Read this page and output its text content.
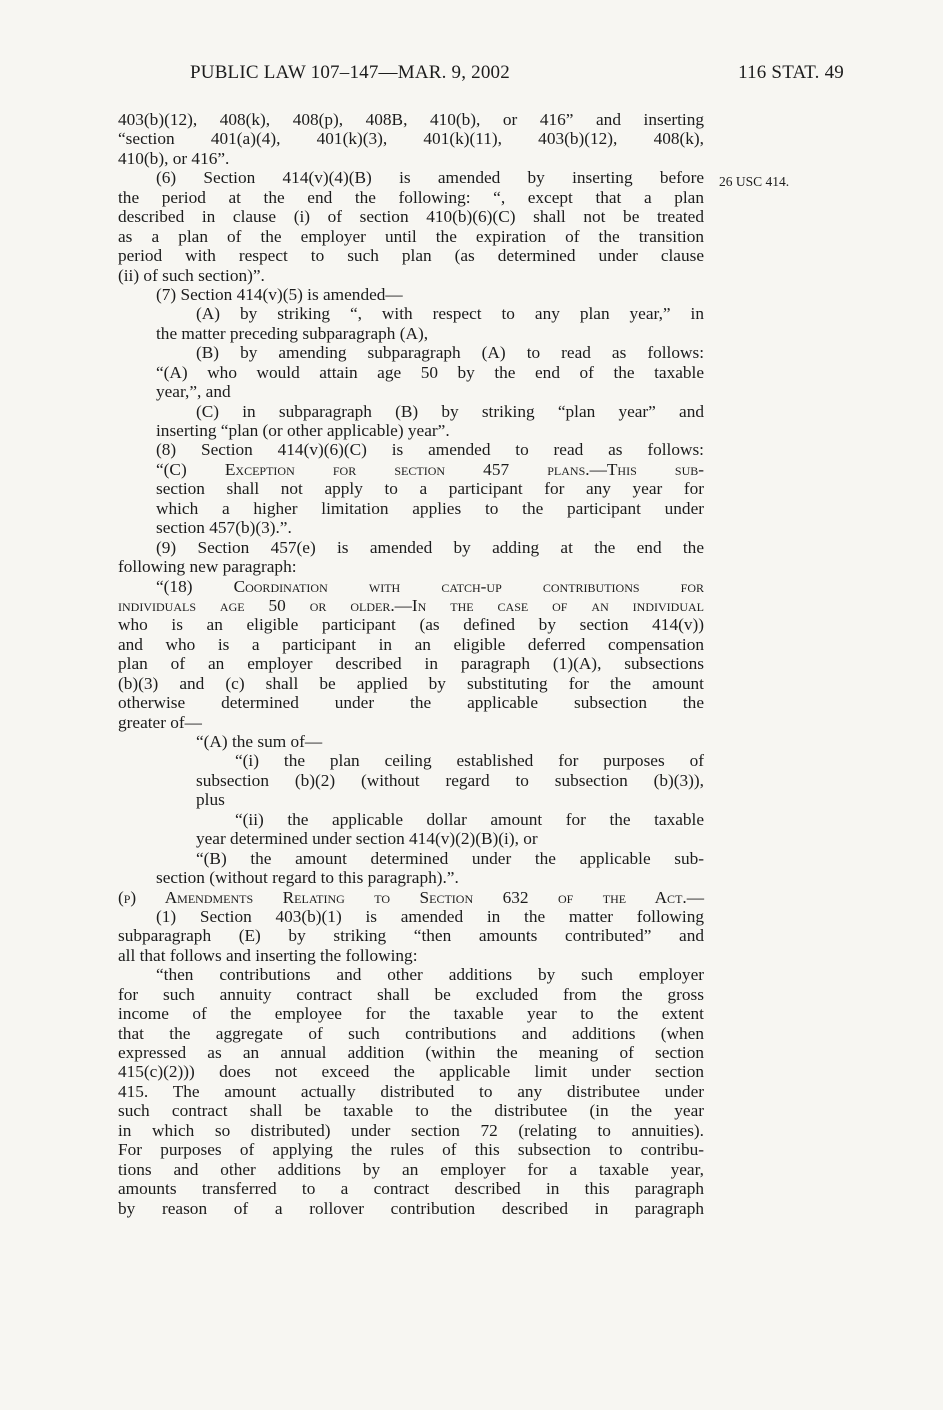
PUBLIC LAW 107–147—MAR. 9, 2002	116 STAT. 49
26 USC 414.
403(b)(12), 408(k), 408(p), 408B, 410(b), or 416” and inserting
“section 401(a)(4), 401(k)(3), 401(k)(11), 403(b)(12), 408(k),
410(b), or 416”.
(6) Section 414(v)(4)(B) is amended by inserting before
the period at the end the following: “, except that a plan
described in clause (i) of section 410(b)(6)(C) shall not be treated
as a plan of the employer until the expiration of the transition
period with respect to such plan (as determined under clause
(ii) of such section)”.
(7) Section 414(v)(5) is amended—
(A) by striking “, with respect to any plan year,” in
the matter preceding subparagraph (A),
(B) by amending subparagraph (A) to read as follows:
“(A) who would attain age 50 by the end of the taxable
year,”, and
(C) in subparagraph (B) by striking “plan year” and
inserting “plan (or other applicable) year”.
(8) Section 414(v)(6)(C) is amended to read as follows:
“(C) Exception for section 457 plans.—This sub-
section shall not apply to a participant for any year for
which a higher limitation applies to the participant under
section 457(b)(3).”.
(9) Section 457(e) is amended by adding at the end the
following new paragraph:
“(18) Coordination with catch-up contributions for
individuals age 50 or older.—In the case of an individual
who is an eligible participant (as defined by section 414(v))
and who is a participant in an eligible deferred compensation
plan of an employer described in paragraph (1)(A), subsections
(b)(3) and (c) shall be applied by substituting for the amount
otherwise determined under the applicable subsection the
greater of—
“(A) the sum of—
“(i) the plan ceiling established for purposes of
subsection (b)(2) (without regard to subsection (b)(3)),
plus
“(ii) the applicable dollar amount for the taxable
year determined under section 414(v)(2)(B)(i), or
“(B) the amount determined under the applicable sub-
section (without regard to this paragraph).”.
(p) Amendments Relating to Section 632 of the Act.—
(1) Section 403(b)(1) is amended in the matter following
subparagraph (E) by striking “then amounts contributed” and
all that follows and inserting the following:
“then contributions and other additions by such employer
for such annuity contract shall be excluded from the gross
income of the employee for the taxable year to the extent
that the aggregate of such contributions and additions (when
expressed as an annual addition (within the meaning of section
415(c)(2))) does not exceed the applicable limit under section
415. The amount actually distributed to any distributee under
such contract shall be taxable to the distributee (in the year
in which so distributed) under section 72 (relating to annuities).
For purposes of applying the rules of this subsection to contribu-
tions and other additions by an employer for a taxable year,
amounts transferred to a contract described in this paragraph
by reason of a rollover contribution described in paragraph
